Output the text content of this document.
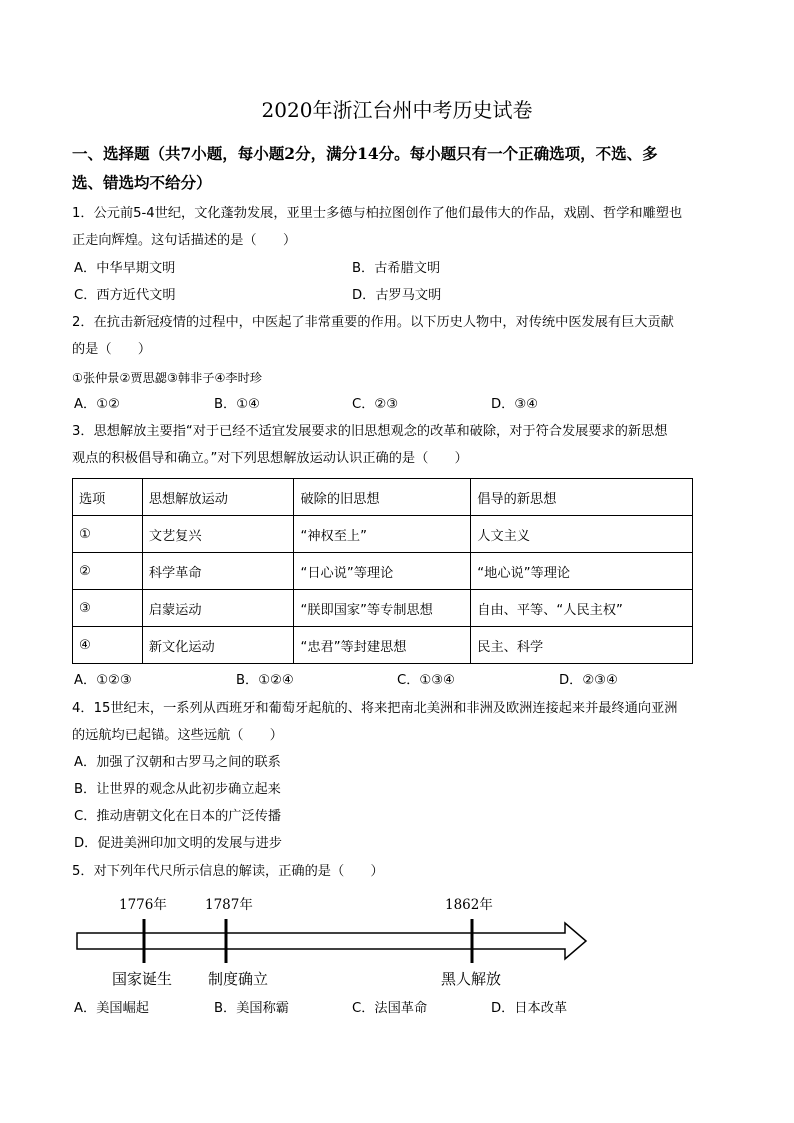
2020年浙江台州中考历史试卷
一、选择题（共7小题，每小题2分，满分14分。每小题只有一个正确选项，不选、多
选、错选均不给分）
1．公元前5-4世纪，文化蓬勃发展，亚里士多德与柏拉图创作了他们最伟大的作品，戏剧、哲学和雕塑也
正走向辉煌。这句话描述的是（　　）
A．中华早期文明	B．古希腊文明
C．西方近代文明	D．古罗马文明
2．在抗击新冠疫情的过程中，中医起了非常重要的作用。以下历史人物中，对传统中医发展有巨大贡献
的是（　　）
①张仲景②贾思勰③韩非子④李时珍
A．①②	B．①④	C．②③	D．③④
3．思想解放主要指“对于已经不适宜发展要求的旧思想观念的改革和破除，对于符合发展要求的新思想
观点的积极倡导和确立。”对下列思想解放运动认识正确的是（　　）
选项	思想解放运动	破除的旧思想	倡导的新思想
①	文艺复兴	“神权至上”	人文主义
②	科学革命	“日心说”等理论	“地心说”等理论
③	启蒙运动	“朕即国家”等专制思想	自由、平等、“人民主权”
④	新文化运动	“忠君”等封建思想	民主、科学
A．①②③	B．①②④	C．①③④	D．②③④
4．15世纪末，一系列从西班牙和葡萄牙起航的、将来把南北美洲和非洲及欧洲连接起来并最终通向亚洲
的远航均已起锚。这些远航（　　）
A．加强了汉朝和古罗马之间的联系
B．让世界的观念从此初步确立起来
C．推动唐朝文化在日本的广泛传播
D．促进美洲印加文明的发展与进步
5．对下列年代尺所示信息的解读，正确的是（　　）
1776年	1787年	1862年
国家诞生 制度确立	黑人解放
A．美国崛起	B．美国称霸	C．法国革命	D．日本改革
